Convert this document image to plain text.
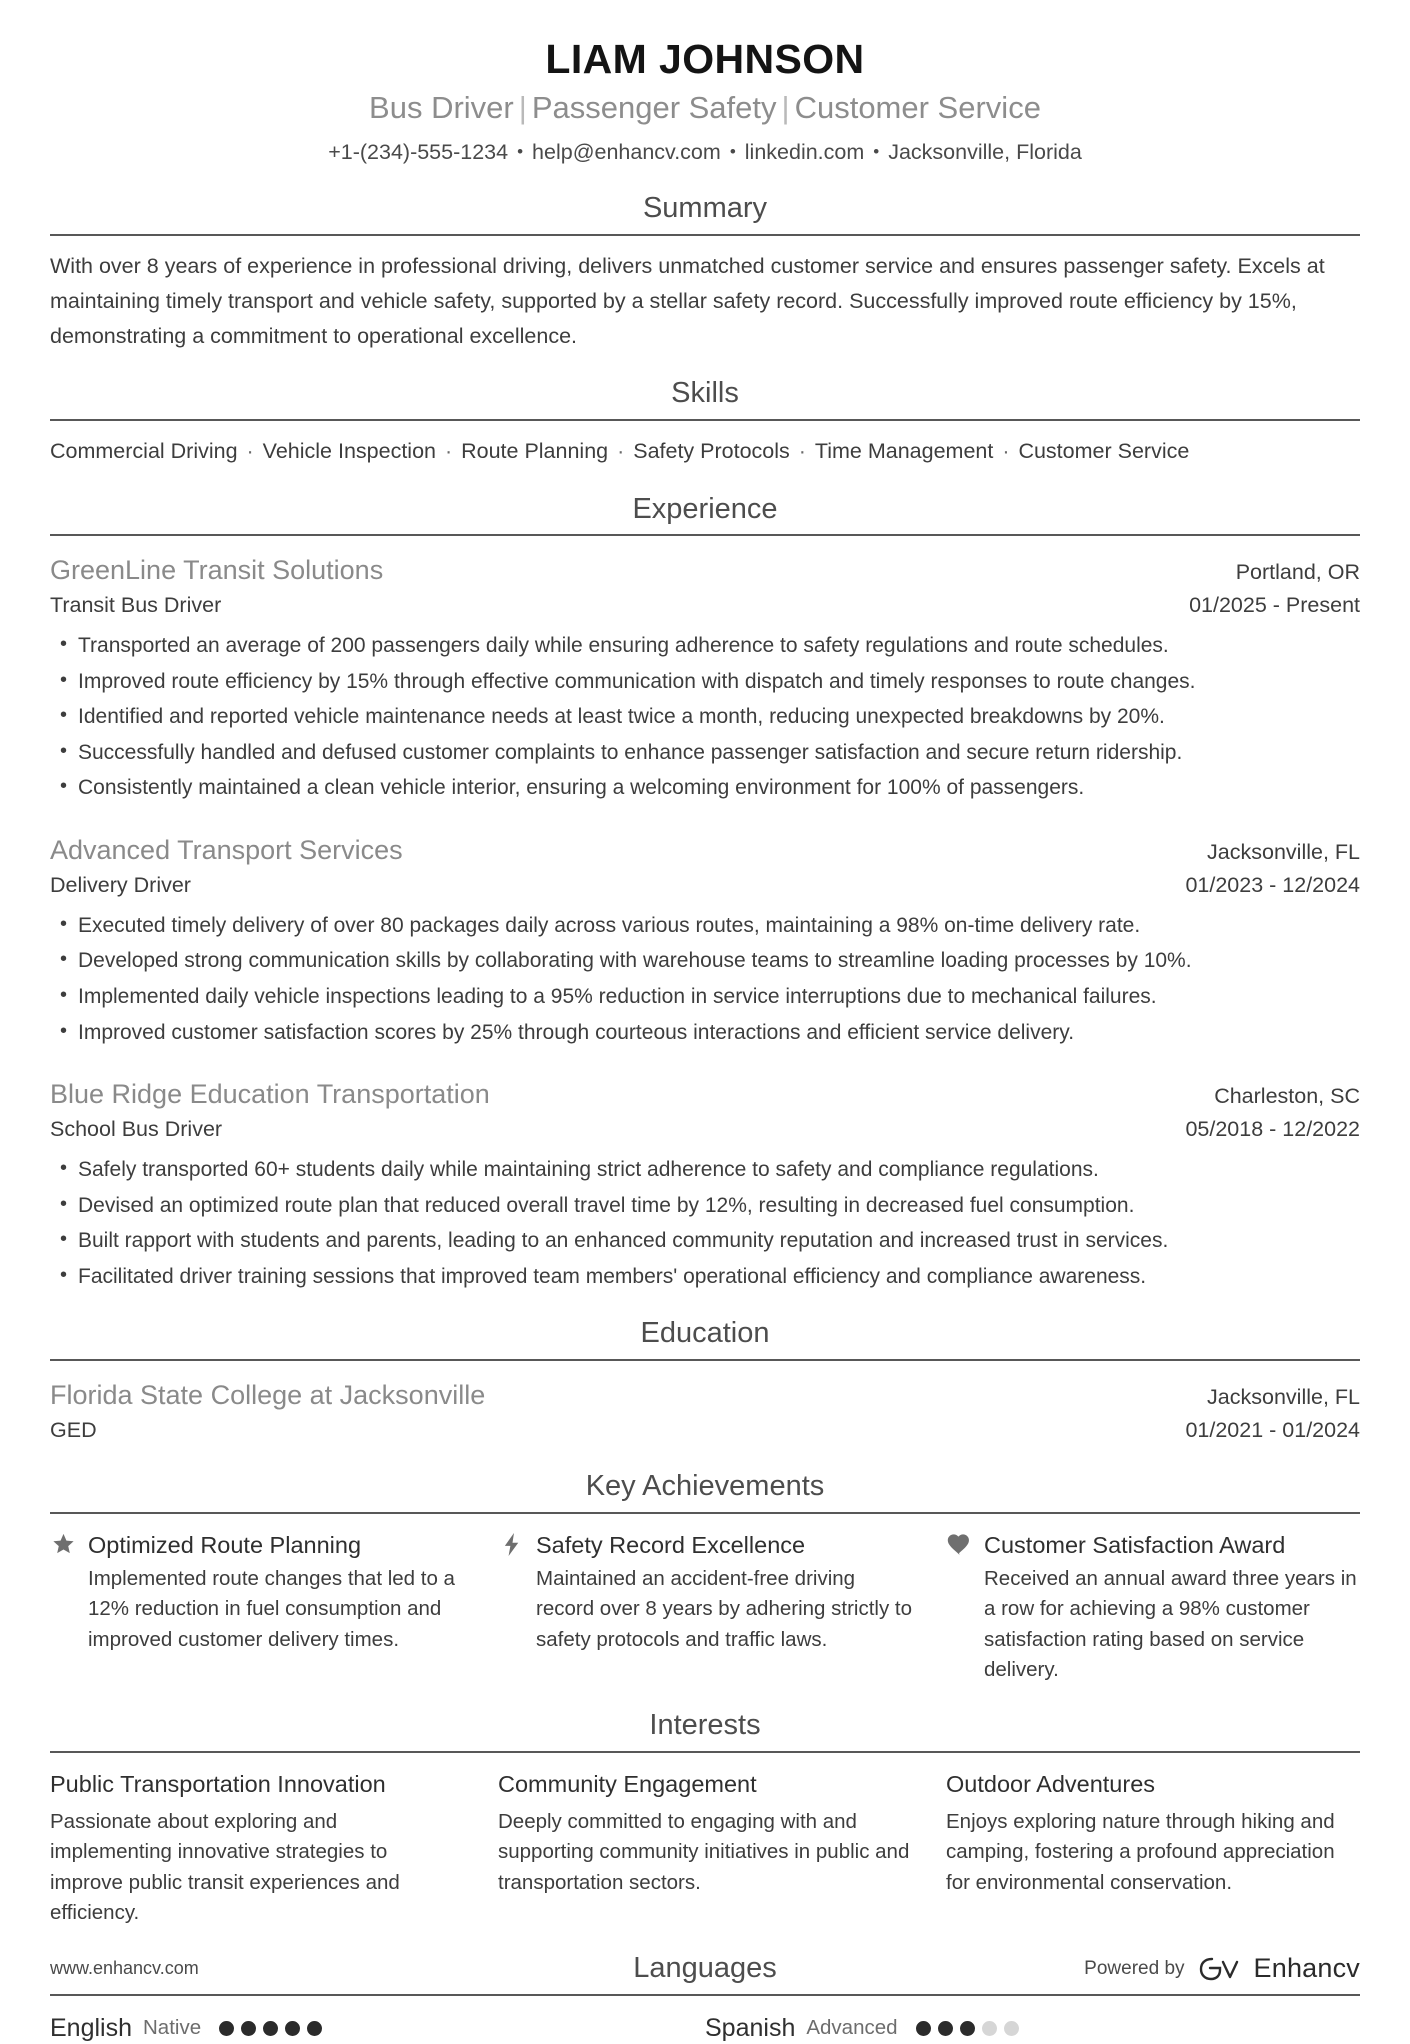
LIAM JOHNSON
Bus Driver | Passenger Safety | Customer Service
+1-(234)-555-1234 • help@enhancv.com • linkedin.com • Jacksonville, Florida
Summary
With over 8 years of experience in professional driving, delivers unmatched customer service and ensures passenger safety. Excels at maintaining timely transport and vehicle safety, supported by a stellar safety record. Successfully improved route efficiency by 15%, demonstrating a commitment to operational excellence.
Skills
Commercial Driving · Vehicle Inspection · Route Planning · Safety Protocols · Time Management · Customer Service
Experience
GreenLine Transit Solutions	Portland, OR
Transit Bus Driver	01/2025 - Present
• Transported an average of 200 passengers daily while ensuring adherence to safety regulations and route schedules.
• Improved route efficiency by 15% through effective communication with dispatch and timely responses to route changes.
• Identified and reported vehicle maintenance needs at least twice a month, reducing unexpected breakdowns by 20%.
• Successfully handled and defused customer complaints to enhance passenger satisfaction and secure return ridership.
• Consistently maintained a clean vehicle interior, ensuring a welcoming environment for 100% of passengers.
Advanced Transport Services	Jacksonville, FL
Delivery Driver	01/2023 - 12/2024
• Executed timely delivery of over 80 packages daily across various routes, maintaining a 98% on-time delivery rate.
• Developed strong communication skills by collaborating with warehouse teams to streamline loading processes by 10%.
• Implemented daily vehicle inspections leading to a 95% reduction in service interruptions due to mechanical failures.
• Improved customer satisfaction scores by 25% through courteous interactions and efficient service delivery.
Blue Ridge Education Transportation	Charleston, SC
School Bus Driver	05/2018 - 12/2022
• Safely transported 60+ students daily while maintaining strict adherence to safety and compliance regulations.
• Devised an optimized route plan that reduced overall travel time by 12%, resulting in decreased fuel consumption.
• Built rapport with students and parents, leading to an enhanced community reputation and increased trust in services.
• Facilitated driver training sessions that improved team members' operational efficiency and compliance awareness.
Education
Florida State College at Jacksonville	Jacksonville, FL
GED	01/2021 - 01/2024
Key Achievements
Optimized Route Planning
Implemented route changes that led to a 12% reduction in fuel consumption and improved customer delivery times.
Safety Record Excellence
Maintained an accident-free driving record over 8 years by adhering strictly to safety protocols and traffic laws.
Customer Satisfaction Award
Received an annual award three years in a row for achieving a 98% customer satisfaction rating based on service delivery.
Interests
Public Transportation Innovation
Passionate about exploring and implementing innovative strategies to improve public transit experiences and efficiency.
Community Engagement
Deeply committed to engaging with and supporting community initiatives in public and transportation sectors.
Outdoor Adventures
Enjoys exploring nature through hiking and camping, fostering a profound appreciation for environmental conservation.
Languages
English Native	Spanish Advanced
www.enhancv.com	Powered by	Enhancv
